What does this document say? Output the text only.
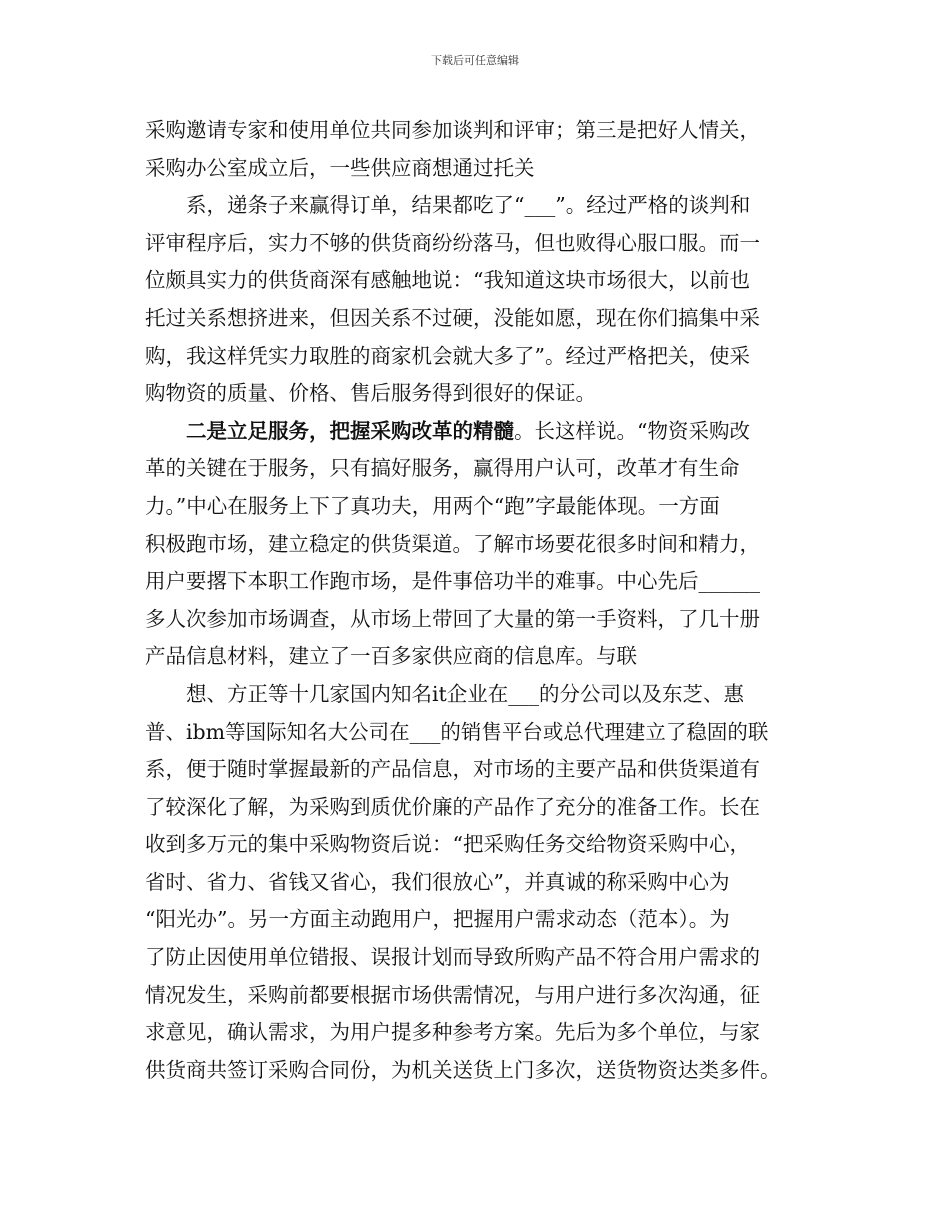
下载后可任意编辑
采购邀请专家和使用单位共同参加谈判和评审；第三是把好人情关，
采购办公室成立后，一些供应商想通过托关
系，递条子来赢得订单，结果都吃了“___”。经过严格的谈判和
评审程序后，实力不够的供货商纷纷落马，但也败得心服口服。而一
位颇具实力的供货商深有感触地说：“我知道这块市场很大，以前也
托过关系想挤进来，但因关系不过硬，没能如愿，现在你们搞集中采
购，我这样凭实力取胜的商家机会就大多了”。经过严格把关，使采
购物资的质量、价格、售后服务得到很好的保证。
二是立足服务，把握采购改革的精髓。长这样说。“物资采购改
革的关键在于服务，只有搞好服务，赢得用户认可，改革才有生命
力。”中心在服务上下了真功夫，用两个“跑”字最能体现。一方面
积极跑市场，建立稳定的供货渠道。了解市场要花很多时间和精力，
用户要撂下本职工作跑市场，是件事倍功半的难事。中心先后______
多人次参加市场调查，从市场上带回了大量的第一手资料，了几十册
产品信息材料，建立了一百多家供应商的信息库。与联
想、方正等十几家国内知名it企业在___的分公司以及东芝、惠
普、ibm等国际知名大公司在___的销售平台或总代理建立了稳固的联
系，便于随时掌握最新的产品信息，对市场的主要产品和供货渠道有
了较深化了解，为采购到质优价廉的产品作了充分的准备工作。长在
收到多万元的集中采购物资后说：“把采购任务交给物资采购中心，
省时、省力、省钱又省心，我们很放心”，并真诚的称采购中心为
“阳光办”。另一方面主动跑用户，把握用户需求动态（范本）。为
了防止因使用单位错报、误报计划而导致所购产品不符合用户需求的
情况发生，采购前都要根据市场供需情况，与用户进行多次沟通，征
求意见，确认需求，为用户提多种参考方案。先后为多个单位，与家
供货商共签订采购合同份，为机关送货上门多次，送货物资达类多件。
